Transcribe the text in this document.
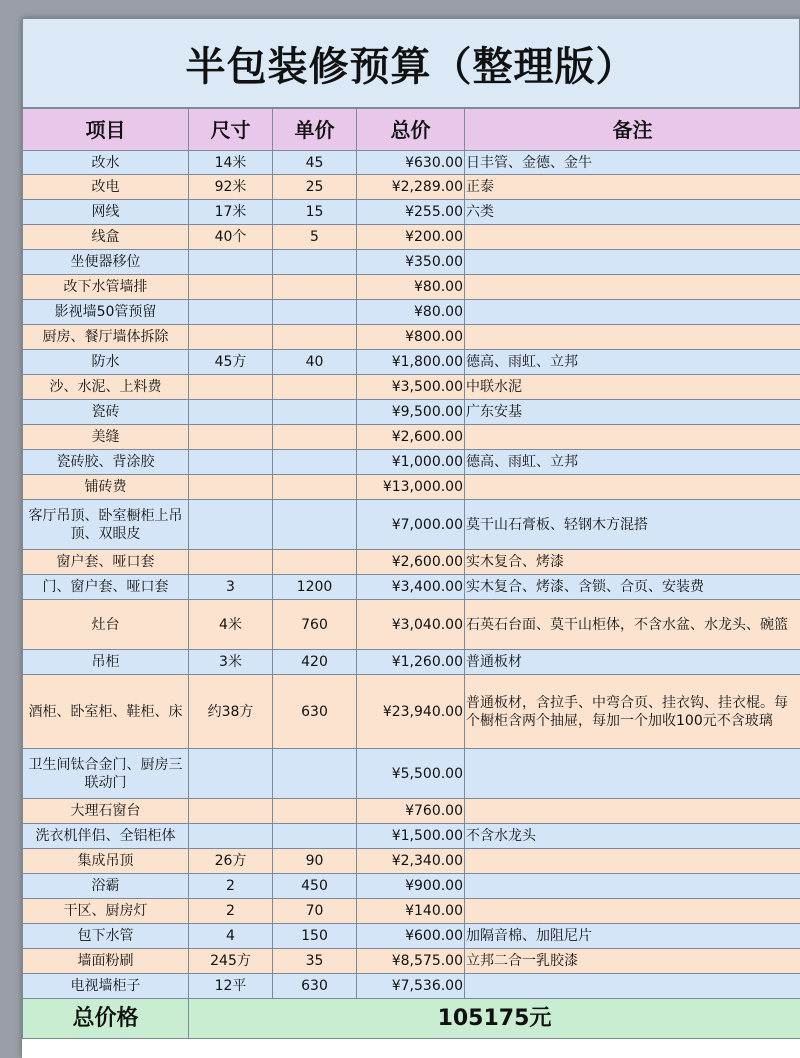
半包装修预算（整理版）
项目	尺寸	单价	总价	备注
改水	14米	45	¥630.00	日丰管、金德、金牛
改电	92米	25	¥2,289.00	正泰
网线	17米	15	¥255.00	六类
线盒	40个	5	¥200.00	
坐便器移位			¥350.00	
改下水管墙排			¥80.00	
影视墙50管预留			¥80.00	
厨房、餐厅墙体拆除			¥800.00	
防水	45方	40	¥1,800.00	德高、雨虹、立邦
沙、水泥、上料费			¥3,500.00	中联水泥
瓷砖			¥9,500.00	广东安基
美缝			¥2,600.00	
瓷砖胶、背涂胶			¥1,000.00	德高、雨虹、立邦
铺砖费			¥13,000.00	
客厅吊顶、卧室橱柜上吊顶、双眼皮			¥7,000.00	莫干山石膏板、轻钢木方混搭
窗户套、哑口套			¥2,600.00	实木复合、烤漆
门、窗户套、哑口套	3	1200	¥3,400.00	实木复合、烤漆、含锁、合页、安装费
灶台	4米	760	¥3,040.00	石英石台面、莫干山柜体，不含水盆、水龙头、碗篮
吊柜	3米	420	¥1,260.00	普通板材
酒柜、卧室柜、鞋柜、床	约38方	630	¥23,940.00	普通板材，含拉手、中弯合页、挂衣钩、挂衣棍。每个橱柜含两个抽屉，每加一个加收100元不含玻璃
卫生间钛合金门、厨房三联动门			¥5,500.00	
大理石窗台			¥760.00	
洗衣机伴侣、全铝柜体			¥1,500.00	不含水龙头
集成吊顶	26方	90	¥2,340.00	
浴霸	2	450	¥900.00	
干区、厨房灯	2	70	¥140.00	
包下水管	4	150	¥600.00	加隔音棉、加阻尼片
墙面粉刷	245方	35	¥8,575.00	立邦二合一乳胶漆
电视墙柜子	12平	630	¥7,536.00	
总价格	105175元			
